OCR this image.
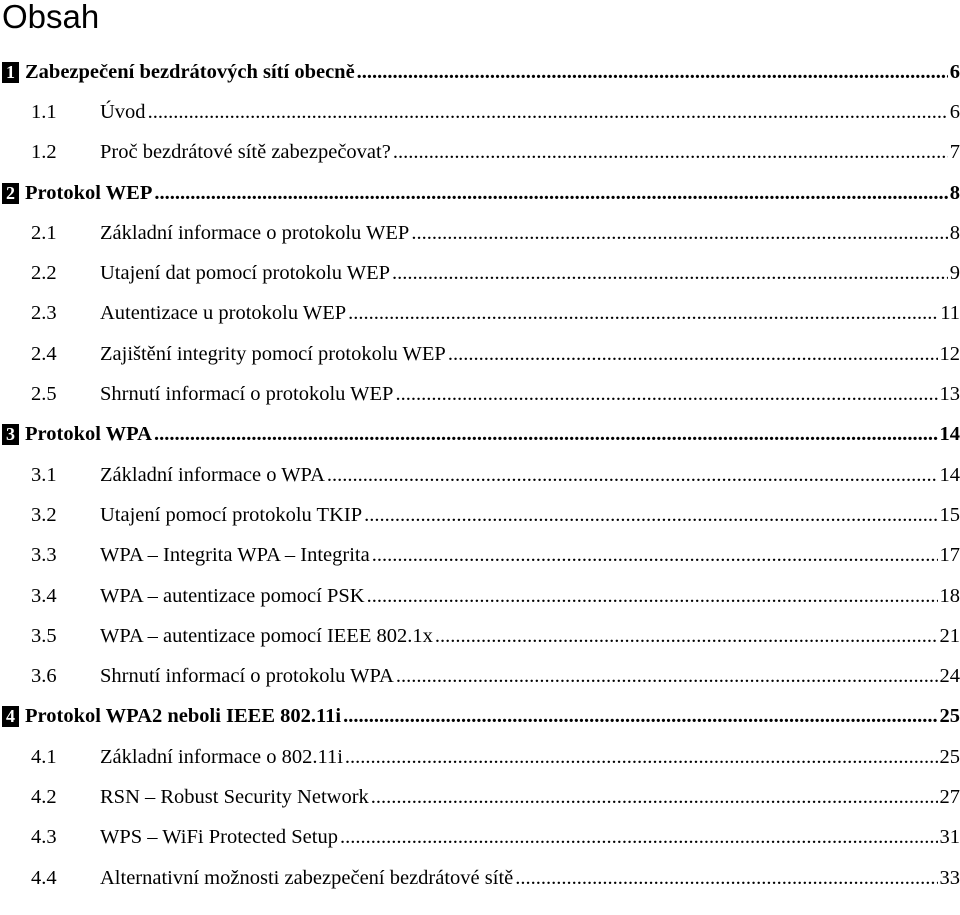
Obsah
1 Zabezpečení bezdrátových sítí obecně .....	6
1.1	Úvod .....	6
1.2	Proč bezdrátové sítě zabezpečovat? .....	7
2 Protokol WEP .....	8
2.1	Základní informace o protokolu WEP .....	8
2.2	Utajení dat pomocí protokolu WEP .....	9
2.3	Autentizace u protokolu WEP .....	11
2.4	Zajištění integrity pomocí protokolu WEP .....	12
2.5	Shrnutí informací o protokolu WEP .....	13
3 Protokol WPA .....	14
3.1	Základní informace o WPA .....	14
3.2	Utajení pomocí protokolu TKIP .....	15
3.3	WPA – Integrita WPA – Integrita .....	17
3.4	WPA – autentizace pomocí PSK .....	18
3.5	WPA – autentizace pomocí IEEE 802.1x .....	21
3.6	Shrnutí informací o protokolu WPA .....	24
4 Protokol WPA2 neboli IEEE 802.11i .....	25
4.1	Základní informace o 802.11i .....	25
4.2	RSN – Robust Security Network .....	27
4.3	WPS – WiFi Protected Setup .....	31
4.4	Alternativní možnosti zabezpečení bezdrátové sítě .....	33
